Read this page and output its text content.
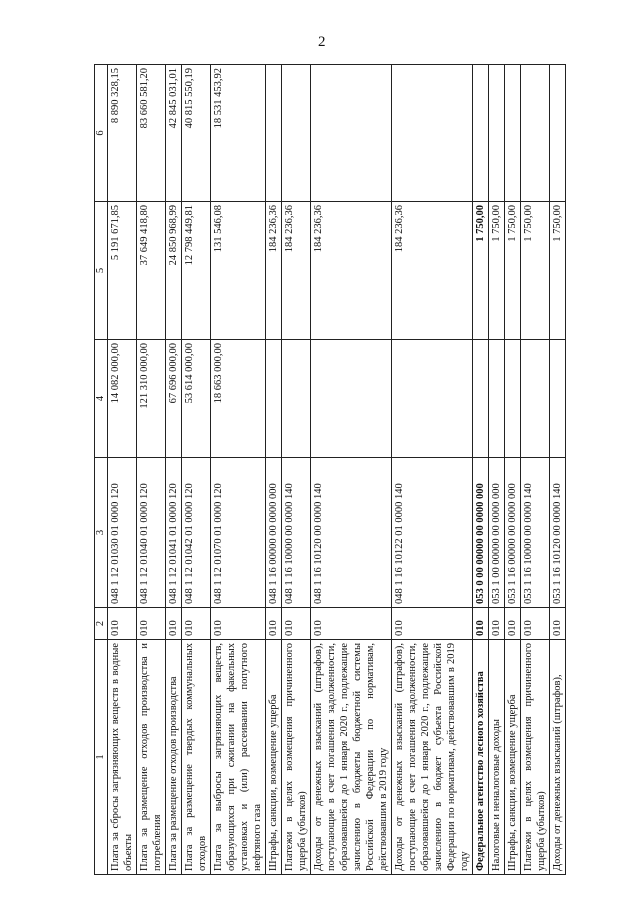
2
1	2	3	4	5	6
Плата за сбросы загрязняющих веществ в водные объекты	010	048 1 12 01030 01 0000 120	14 082 000,00	5 191 671,85	8 890 328,15
Плата за размещение отходов производства и потребления	010	048 1 12 01040 01 0000 120	121 310 000,00	37 649 418,80	83 660 581,20
Плата за размещение отходов производства	010	048 1 12 01041 01 0000 120	67 696 000,00	24 850 968,99	42 845 031,01
Плата за размещение твердых коммунальных отходов	010	048 1 12 01042 01 0000 120	53 614 000,00	12 798 449,81	40 815 550,19
Плата за выбросы загрязняющих веществ, образующихся при сжигании на факельных установках и (или) рассеивании попутного нефтяного газа	010	048 1 12 01070 01 0000 120	18 663 000,00	131 546,08	18 531 453,92
Штрафы, санкции, возмещение ущерба	010	048 1 16 00000 00 0000 000		184 236,36	
Платежи в целях возмещения причиненного ущерба (убытков)	010	048 1 16 10000 00 0000 140		184 236,36	
Доходы от денежных взысканий (штрафов), поступающие в счет погашения задолженности, образовавшейся до 1 января 2020 г., подлежащие зачислению в бюджеты бюджетной системы Российской Федерации по нормативам, действовавшим в 2019 году	010	048 1 16 10120 00 0000 140		184 236,36	
Доходы от денежных взысканий (штрафов), поступающие в счет погашения задолженности, образовавшейся до 1 января 2020 г., подлежащие зачислению в бюджет субъекта Российской Федерации по нормативам, действовавшим в 2019 году	010	048 1 16 10122 01 0000 140		184 236,36	
Федеральное агентство лесного хозяйства	010	053 0 00 00000 00 0000 000		1 750,00	
Налоговые и неналоговые доходы	010	053 1 00 00000 00 0000 000		1 750,00	
Штрафы, санкции, возмещение ущерба	010	053 1 16 00000 00 0000 000		1 750,00	
Платежи в целях возмещения причиненного ущерба (убытков)	010	053 1 16 10000 00 0000 140		1 750,00	
Доходы от денежных взысканий (штрафов),	010	053 1 16 10120 00 0000 140		1 750,00	
